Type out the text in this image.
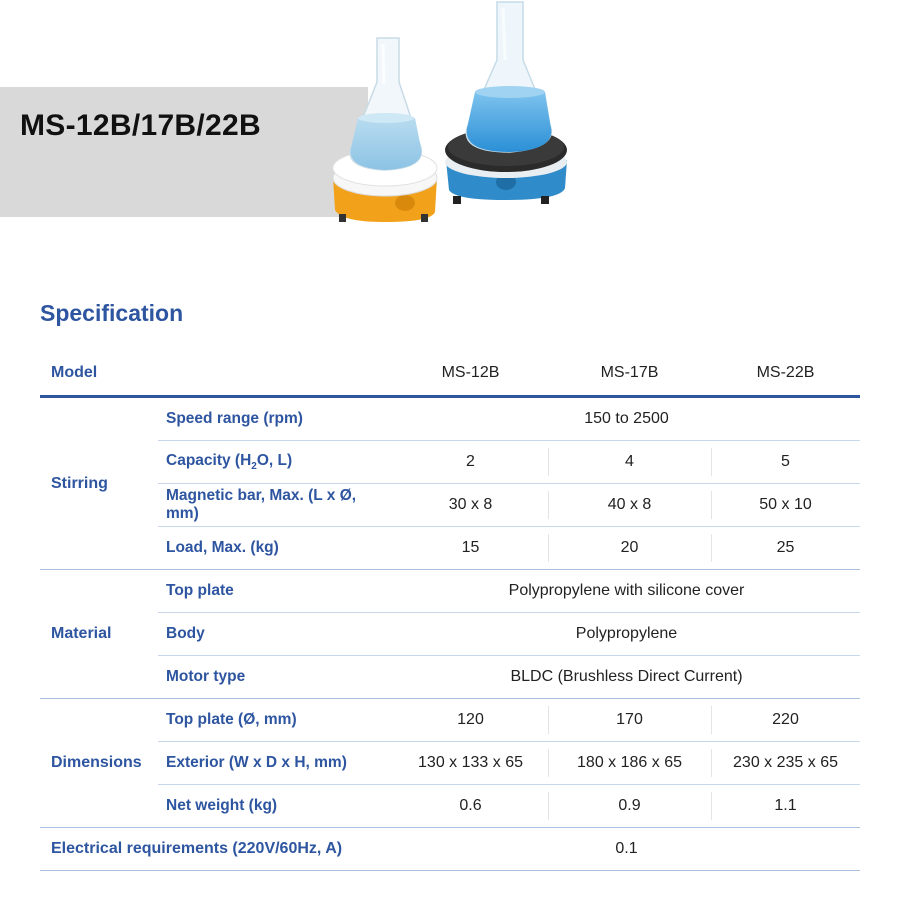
MS-12B/17B/22B
Specification
Model		MS-12B	MS-17B	MS-22B
Stirring	Speed range (rpm)	150 to 2500		
	Capacity ($H_2O$, L)	2	4	5
	Magnetic bar, Max. (L x Ø, mm)	30 x 8	40 x 8	50 x 10
	Load, Max. (kg)	15	20	25
Material	Top plate	Polypropylene with silicone cover		
	Body	Polypropylene		
	Motor type	BLDC (Brushless Direct Current)		
Dimensions	Top plate (Ø, mm)	120	170	220
	Exterior (W x D x H, mm)	130 x 133 x 65	180 x 186 x 65	230 x 235 x 65
	Net weight (kg)	0.6	0.9	1.1
Electrical requirements (220V/60Hz, A)		0.1		
